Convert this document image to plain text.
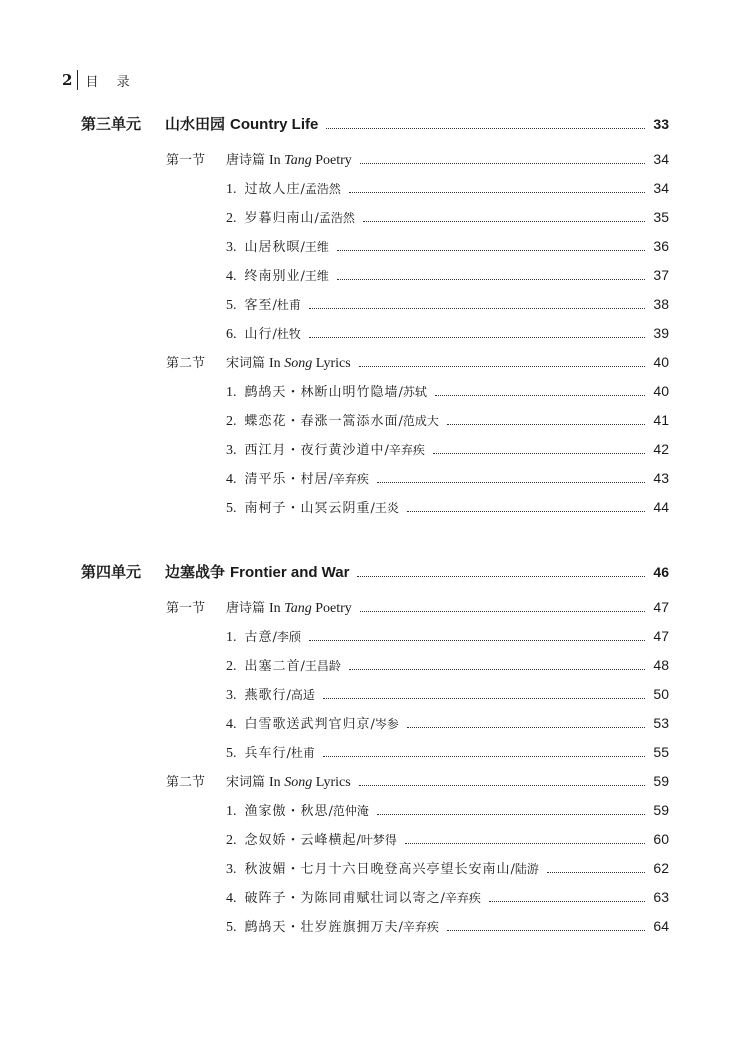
2 目 录
第三单元	山水田园 Country Life	33
第一节	唐诗篇 In Tang Poetry	34
1. 过故人庄 / 孟浩然	34
2. 岁暮归南山 / 孟浩然	35
3. 山居秋暝 / 王维	36
4. 终南别业 / 王维	37
5. 客至 / 杜甫	38
6. 山行 / 杜牧	39
第二节	宋词篇 In Song Lyrics	40
1. 鹧鸪天・林断山明竹隐墙 / 苏轼	40
2. 蝶恋花・春涨一篙添水面 / 范成大	41
3. 西江月・夜行黄沙道中 / 辛弃疾	42
4. 清平乐・村居 / 辛弃疾	43
5. 南柯子・山冥云阴重 / 王炎	44
第四单元	边塞战争 Frontier and War	46
第一节	唐诗篇 In Tang Poetry	47
1. 古意 / 李颀	47
2. 出塞二首 / 王昌龄	48
3. 燕歌行 / 高适	50
4. 白雪歌送武判官归京 / 岑参	53
5. 兵车行 / 杜甫	55
第二节	宋词篇 In Song Lyrics	59
1. 渔家傲・秋思 / 范仲淹	59
2. 念奴娇・云峰横起 / 叶梦得	60
3. 秋波媚・七月十六日晚登高兴亭望长安南山 / 陆游	62
4. 破阵子・为陈同甫赋壮词以寄之 / 辛弃疾	63
5. 鹧鸪天・壮岁旌旗拥万夫 / 辛弃疾	64
